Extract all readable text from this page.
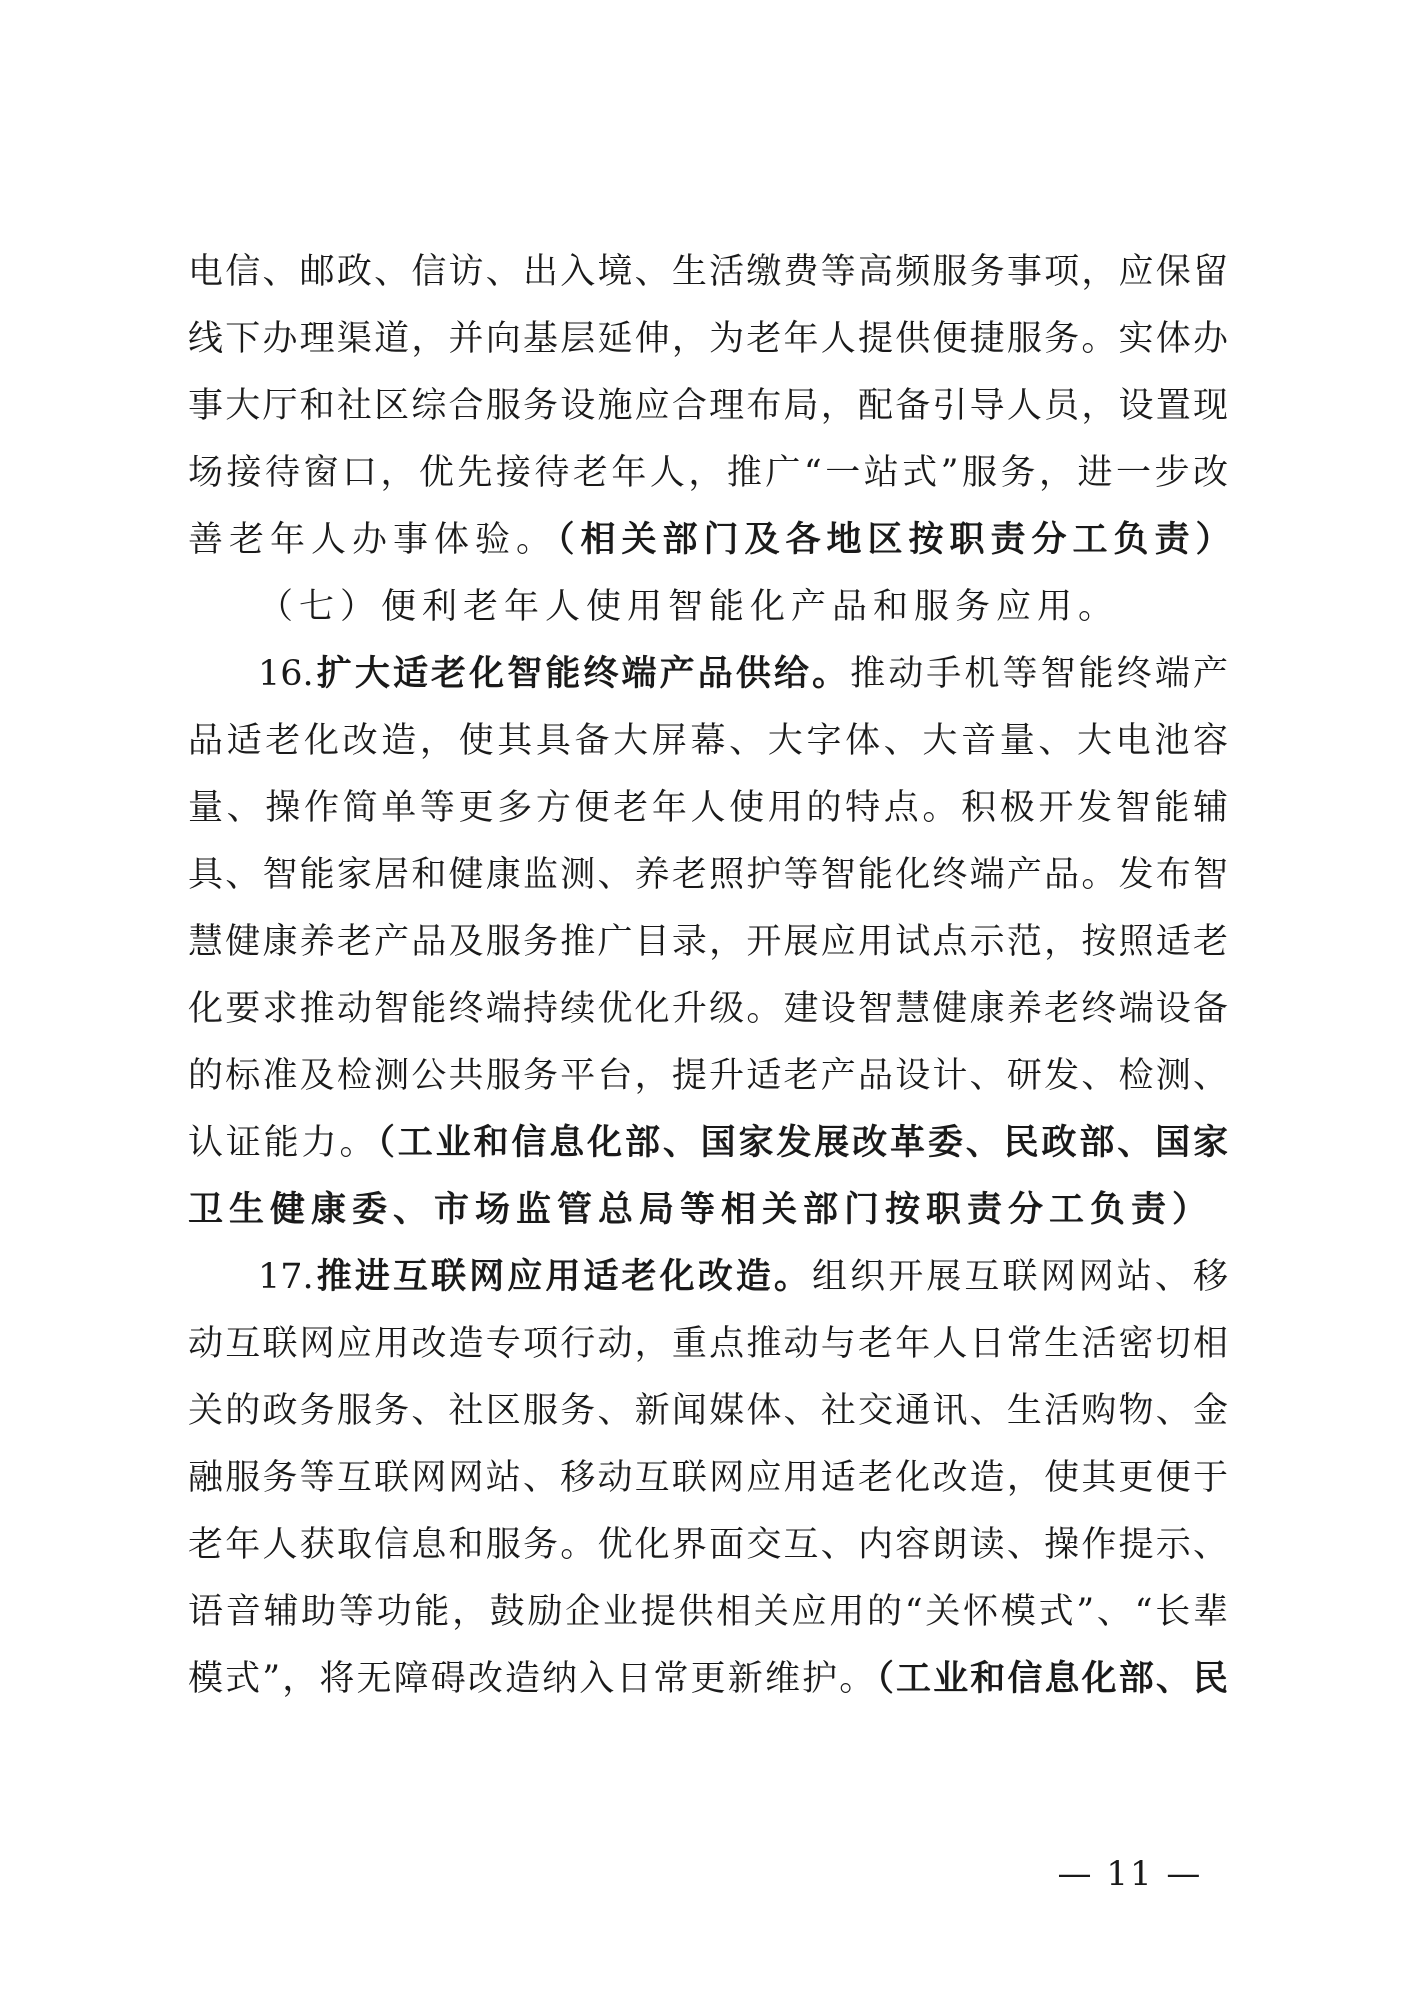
电信、邮政、信访、出入境、生活缴费等高频服务事项，应保留
线下办理渠道，并向基层延伸，为老年人提供便捷服务。实体办
事大厅和社区综合服务设施应合理布局，配备引导人员，设置现
场接待窗口，优先接待老年人，推广“一站式”服务，进一步改
善老年人办事体验。（相关部门及各地区按职责分工负责）
（七）便利老年人使用智能化产品和服务应用。
16.扩大适老化智能终端产品供给。推动手机等智能终端产
品适老化改造，使其具备大屏幕、大字体、大音量、大电池容
量、操作简单等更多方便老年人使用的特点。积极开发智能辅
具、智能家居和健康监测、养老照护等智能化终端产品。发布智
慧健康养老产品及服务推广目录，开展应用试点示范，按照适老
化要求推动智能终端持续优化升级。建设智慧健康养老终端设备
的标准及检测公共服务平台，提升适老产品设计、研发、检测、
认证能力。（工业和信息化部、国家发展改革委、民政部、国家
卫生健康委、市场监管总局等相关部门按职责分工负责）
17.推进互联网应用适老化改造。组织开展互联网网站、移
动互联网应用改造专项行动，重点推动与老年人日常生活密切相
关的政务服务、社区服务、新闻媒体、社交通讯、生活购物、金
融服务等互联网网站、移动互联网应用适老化改造，使其更便于
老年人获取信息和服务。优化界面交互、内容朗读、操作提示、
语音辅助等功能，鼓励企业提供相关应用的“关怀模式”、“长辈
模式”，将无障碍改造纳入日常更新维护。（工业和信息化部、民
— 11 —
